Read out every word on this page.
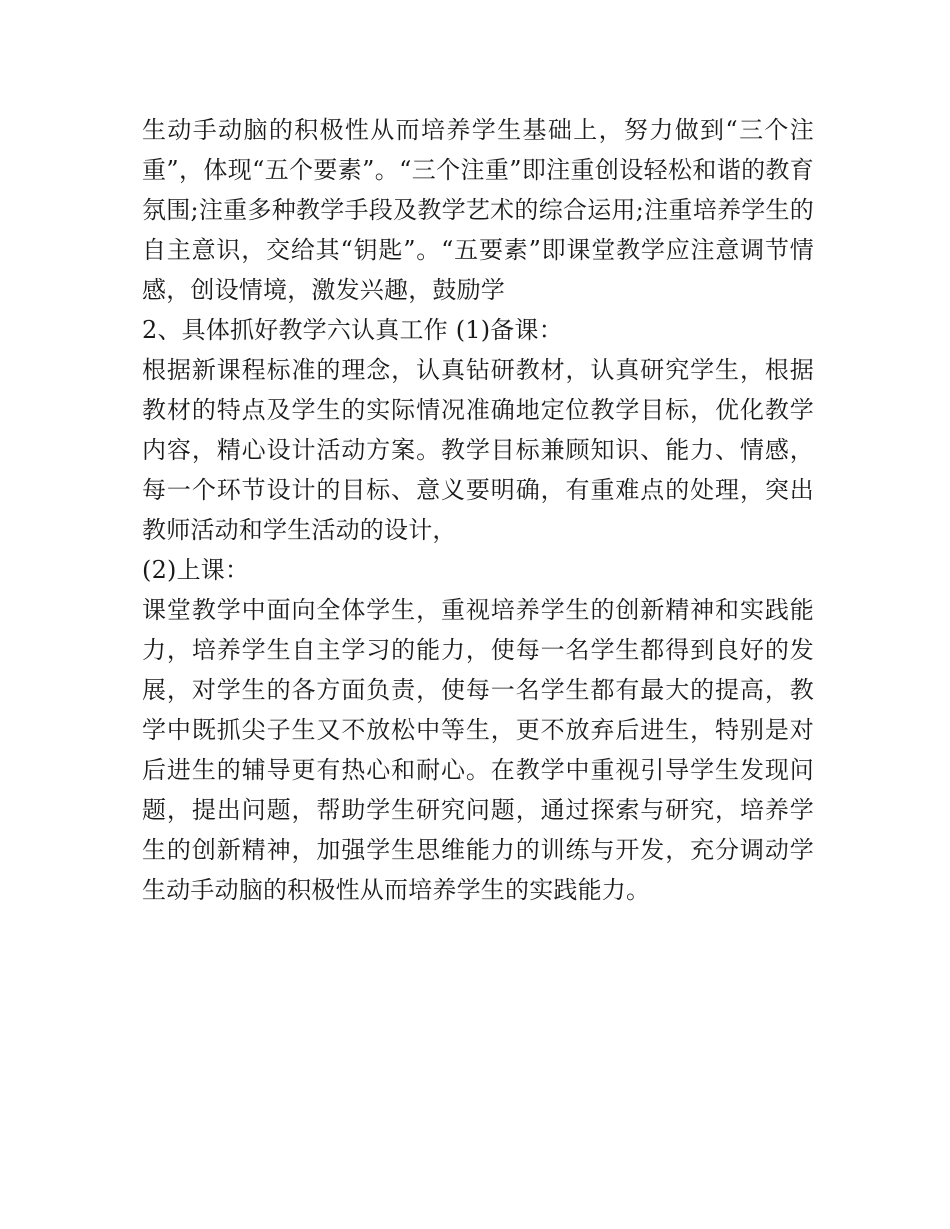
生动手动脑的积极性从而培养学生基础上，努力做到“三个注重”，体现“五个要素”。“三个注重”即注重创设轻松和谐的教育氛围;注重多种教学手段及教学艺术的综合运用;注重培养学生的自主意识，交给其“钥匙”。“五要素”即课堂教学应注意调节情感，创设情境，激发兴趣，鼓励学

2、具体抓好教学六认真工作 (1)备课：

根据新课程标准的理念，认真钻研教材，认真研究学生，根据教材的特点及学生的实际情况准确地定位教学目标，优化教学内容，精心设计活动方案。教学目标兼顾知识、能力、情感，每一个环节设计的目标、意义要明确，有重难点的处理，突出教师活动和学生活动的设计，

(2)上课：

课堂教学中面向全体学生，重视培养学生的创新精神和实践能力，培养学生自主学习的能力，使每一名学生都得到良好的发展，对学生的各方面负责，使每一名学生都有最大的提高，教学中既抓尖子生又不放松中等生，更不放弃后进生，特别是对后进生的辅导更有热心和耐心。在教学中重视引导学生发现问题，提出问题，帮助学生研究问题，通过探索与研究，培养学生的创新精神，加强学生思维能力的训练与开发，充分调动学生动手动脑的积极性从而培养学生的实践能力。
